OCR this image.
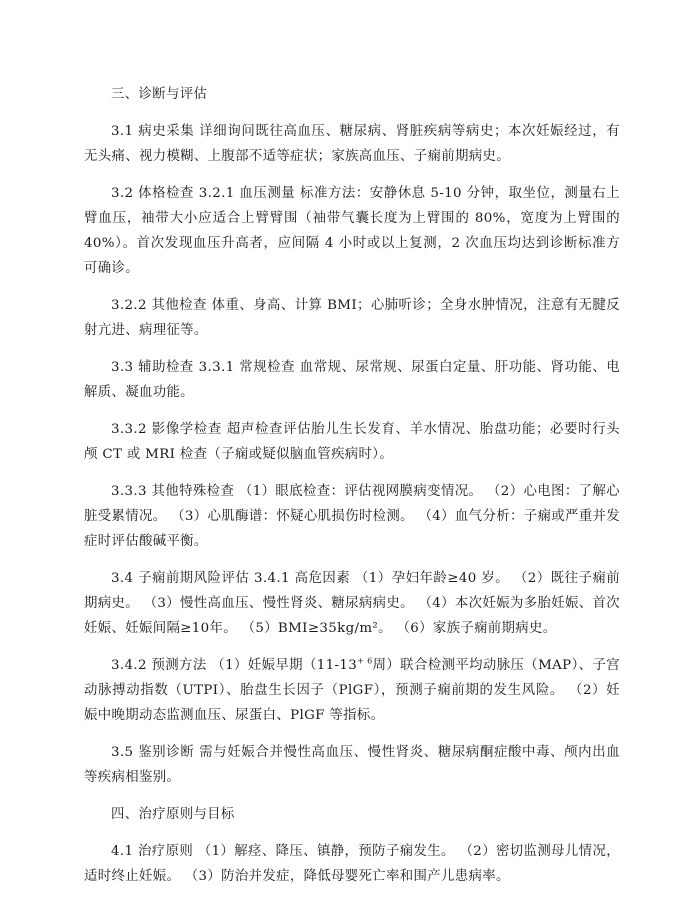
三、诊断与评估

3.1 病史采集 详细询问既往高血压、糖尿病、肾脏疾病等病史；本次妊娠经过，有无头痛、视力模糊、上腹部不适等症状；家族高血压、子痫前期病史。

3.2 体格检查 3.2.1 血压测量 标准方法：安静休息 5-10 分钟，取坐位，测量右上臂血压，袖带大小应适合上臂臂围（袖带气囊长度为上臂围的 80%，宽度为上臂围的 40%）。首次发现血压升高者，应间隔 4 小时或以上复测，2 次血压均达到诊断标准方可确诊。

3.2.2 其他检查 体重、身高、计算 BMI；心肺听诊；全身水肿情况，注意有无腱反射亢进、病理征等。

3.3 辅助检查 3.3.1 常规检查 血常规、尿常规、尿蛋白定量、肝功能、肾功能、电解质、凝血功能。

3.3.2 影像学检查 超声检查评估胎儿生长发育、羊水情况、胎盘功能；必要时行头颅 CT 或 MRI 检查（子痫或疑似脑血管疾病时）。

3.3.3 其他特殊检查 （1）眼底检查：评估视网膜病变情况。 （2）心电图：了解心脏受累情况。 （3）心肌酶谱：怀疑心肌损伤时检测。 （4）血气分析：子痫或严重并发症时评估酸碱平衡。

3.4 子痫前期风险评估 3.4.1 高危因素 （1）孕妇年龄≥40 岁。 （2）既往子痫前期病史。 （3）慢性高血压、慢性肾炎、糖尿病病史。 （4）本次妊娠为多胎妊娠、首次妊娠、妊娠间隔≥10年。 （5）BMI≥35kg/m²。 （6）家族子痫前期病史。

3.4.2 预测方法 （1）妊娠早期（$11-13^{+ 6}$周）联合检测平均动脉压（MAP）、子宫动脉搏动指数（UTPI）、胎盘生长因子（PlGF），预测子痫前期的发生风险。 （2）妊娠中晚期动态监测血压、尿蛋白、PlGF 等指标。

3.5 鉴别诊断 需与妊娠合并慢性高血压、慢性肾炎、糖尿病酮症酸中毒、颅内出血等疾病相鉴别。

四、治疗原则与目标

4.1 治疗原则 （1）解痉、降压、镇静，预防子痫发生。 （2）密切监测母儿情况，适时终止妊娠。 （3）防治并发症，降低母婴死亡率和围产儿患病率。
